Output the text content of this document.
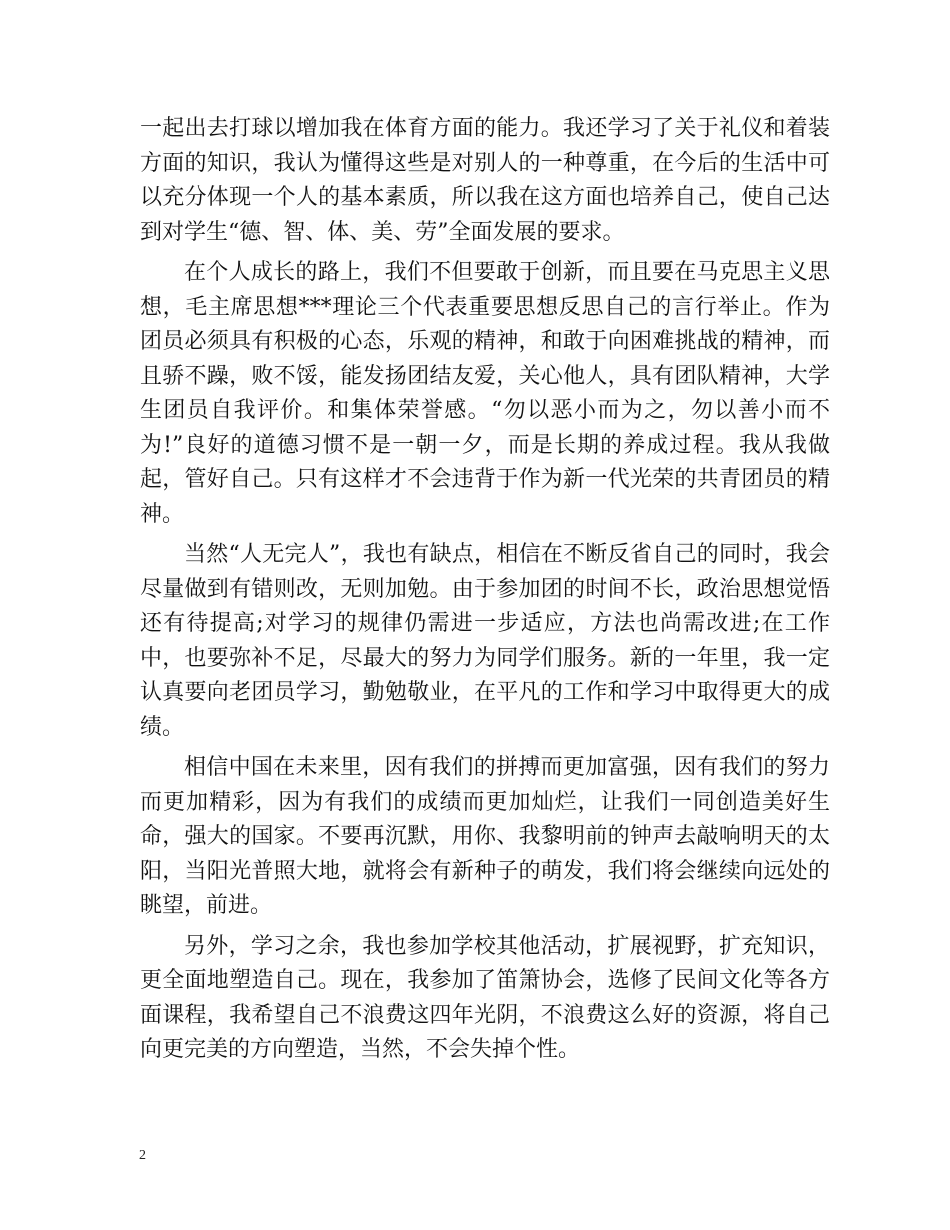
一起出去打球以增加我在体育方面的能力。我还学习了关于礼仪和着装方面的知识，我认为懂得这些是对别人的一种尊重，在今后的生活中可以充分体现一个人的基本素质，所以我在这方面也培养自己，使自己达到对学生“德、智、体、美、劳”全面发展的要求。

在个人成长的路上，我们不但要敢于创新，而且要在马克思主义思想，毛主席思想***理论三个代表重要思想反思自己的言行举止。作为团员必须具有积极的心态，乐观的精神，和敢于向困难挑战的精神，而且骄不躁，败不馁，能发扬团结友爱，关心他人，具有团队精神，大学生团员自我评价。和集体荣誉感。“勿以恶小而为之，勿以善小而不为!”良好的道德习惯不是一朝一夕，而是长期的养成过程。我从我做起，管好自己。只有这样才不会违背于作为新一代光荣的共青团员的精神。

当然“人无完人”，我也有缺点，相信在不断反省自己的同时，我会尽量做到有错则改，无则加勉。由于参加团的时间不长，政治思想觉悟还有待提高;对学习的规律仍需进一步适应，方法也尚需改进;在工作中，也要弥补不足，尽最大的努力为同学们服务。新的一年里，我一定认真要向老团员学习，勤勉敬业，在平凡的工作和学习中取得更大的成绩。

相信中国在未来里，因有我们的拼搏而更加富强，因有我们的努力而更加精彩，因为有我们的成绩而更加灿烂，让我们一同创造美好生命，强大的国家。不要再沉默，用你、我黎明前的钟声去敲响明天的太阳，当阳光普照大地，就将会有新种子的萌发，我们将会继续向远处的眺望，前进。

另外，学习之余，我也参加学校其他活动，扩展视野，扩充知识，更全面地塑造自己。现在，我参加了笛箫协会，选修了民间文化等各方面课程，我希望自己不浪费这四年光阴，不浪费这么好的资源，将自己向更完美的方向塑造，当然，不会失掉个性。

2
